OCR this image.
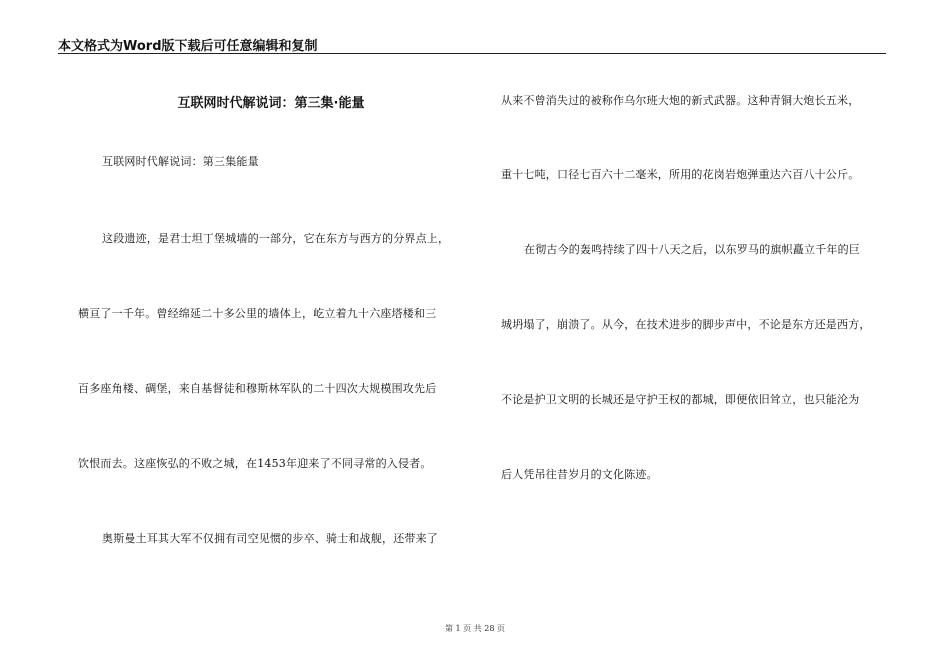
本文格式为Word版下载后可任意编辑和复制
互联网时代解说词：第三集·能量
互联网时代解说词：第三集能量
这段遗迹，是君士坦丁堡城墙的一部分，它在东方与西方的分界点上，
横亘了一千年。曾经绵延二十多公里的墙体上，屹立着九十六座塔楼和三
百多座角楼、碉堡，来自基督徒和穆斯林军队的二十四次大规模围攻先后
饮恨而去。这座恢弘的不败之城，在1453年迎来了不同寻常的入侵者。
奥斯曼土耳其大军不仅拥有司空见惯的步卒、骑士和战舰，还带来了
从来不曾消失过的被称作乌尔班大炮的新式武器。这种青铜大炮长五米，
重十七吨，口径七百六十二毫米，所用的花岗岩炮弹重达六百八十公斤。
在彻古今的轰鸣持续了四十八天之后，以东罗马的旗帜矗立千年的巨
城坍塌了，崩溃了。从今，在技术进步的脚步声中，不论是东方还是西方，
不论是护卫文明的长城还是守护王权的都城，即便依旧耸立，也只能沦为
后人凭吊往昔岁月的文化陈迹。
第 1 页 共 28 页
